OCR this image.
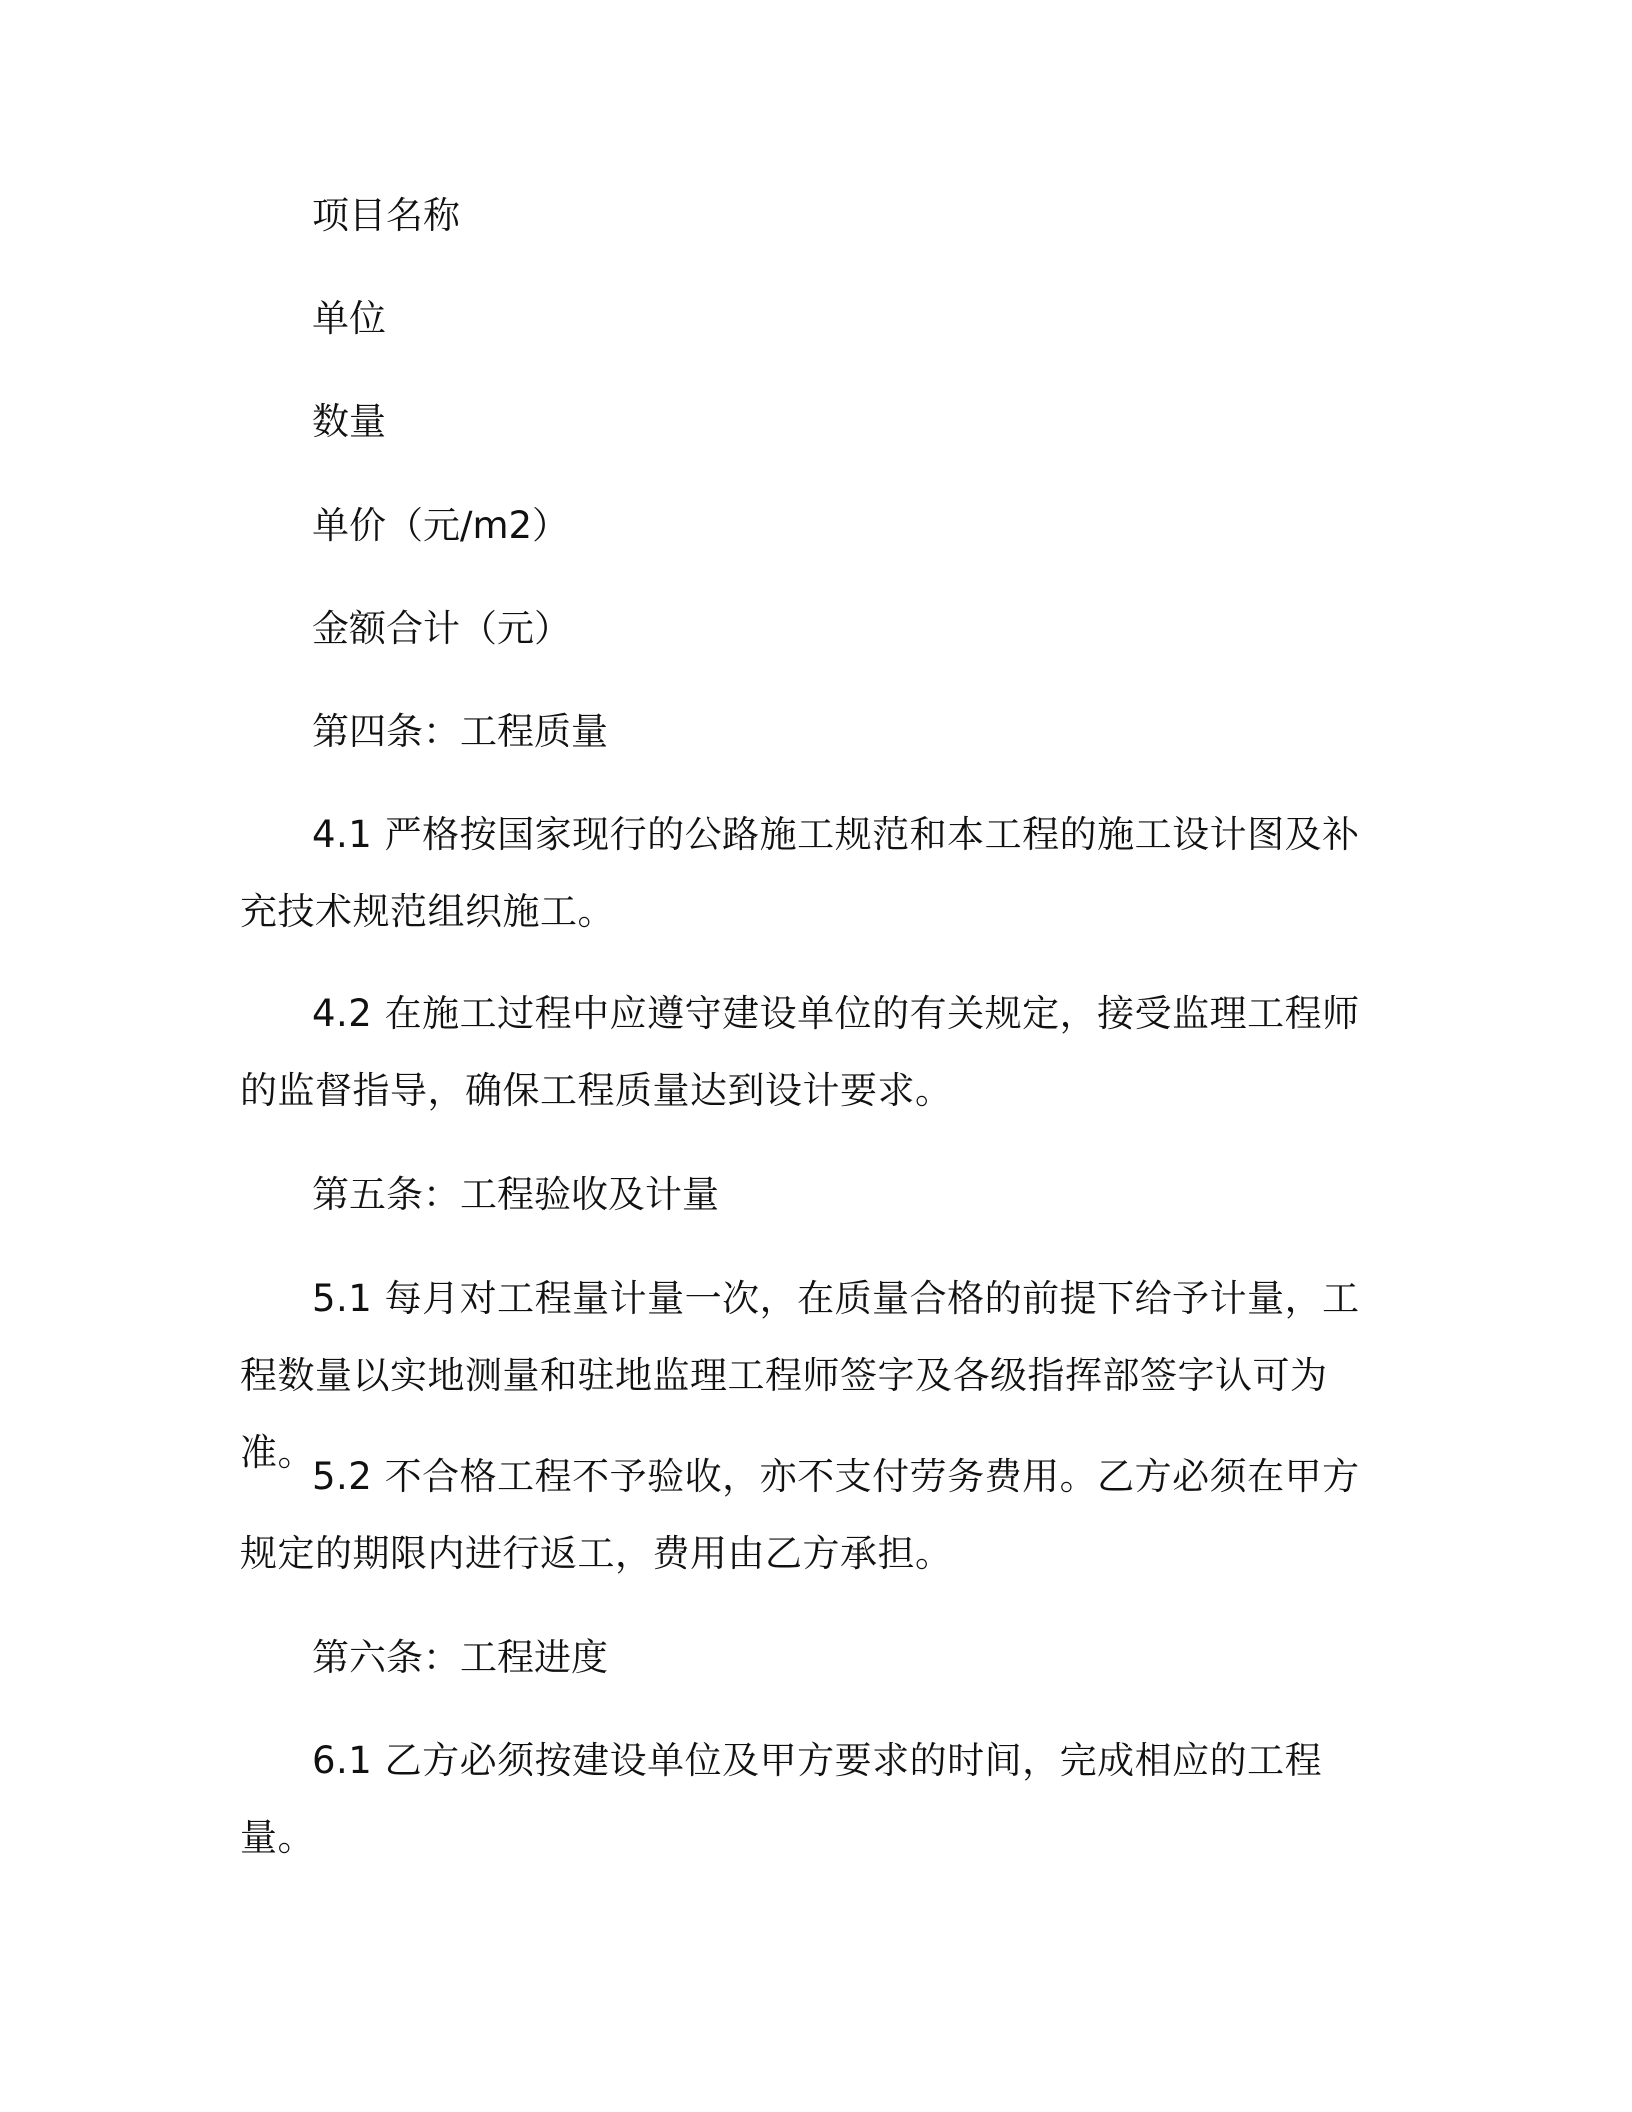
项目名称

单位

数量

单价（元/m2）

金额合计（元）

第四条：工程质量

4.1 严格按国家现行的公路施工规范和本工程的施工设计图及补充技术规范组织施工。

4.2 在施工过程中应遵守建设单位的有关规定，接受监理工程师的监督指导，确保工程质量达到设计要求。

第五条：工程验收及计量

5.1 每月对工程量计量一次，在质量合格的前提下给予计量，工程数量以实地测量和驻地监理工程师签字及各级指挥部签字认可为准。

5.2 不合格工程不予验收，亦不支付劳务费用。乙方必须在甲方规定的期限内进行返工，费用由乙方承担。

第六条：工程进度

6.1 乙方必须按建设单位及甲方要求的时间，完成相应的工程量。
